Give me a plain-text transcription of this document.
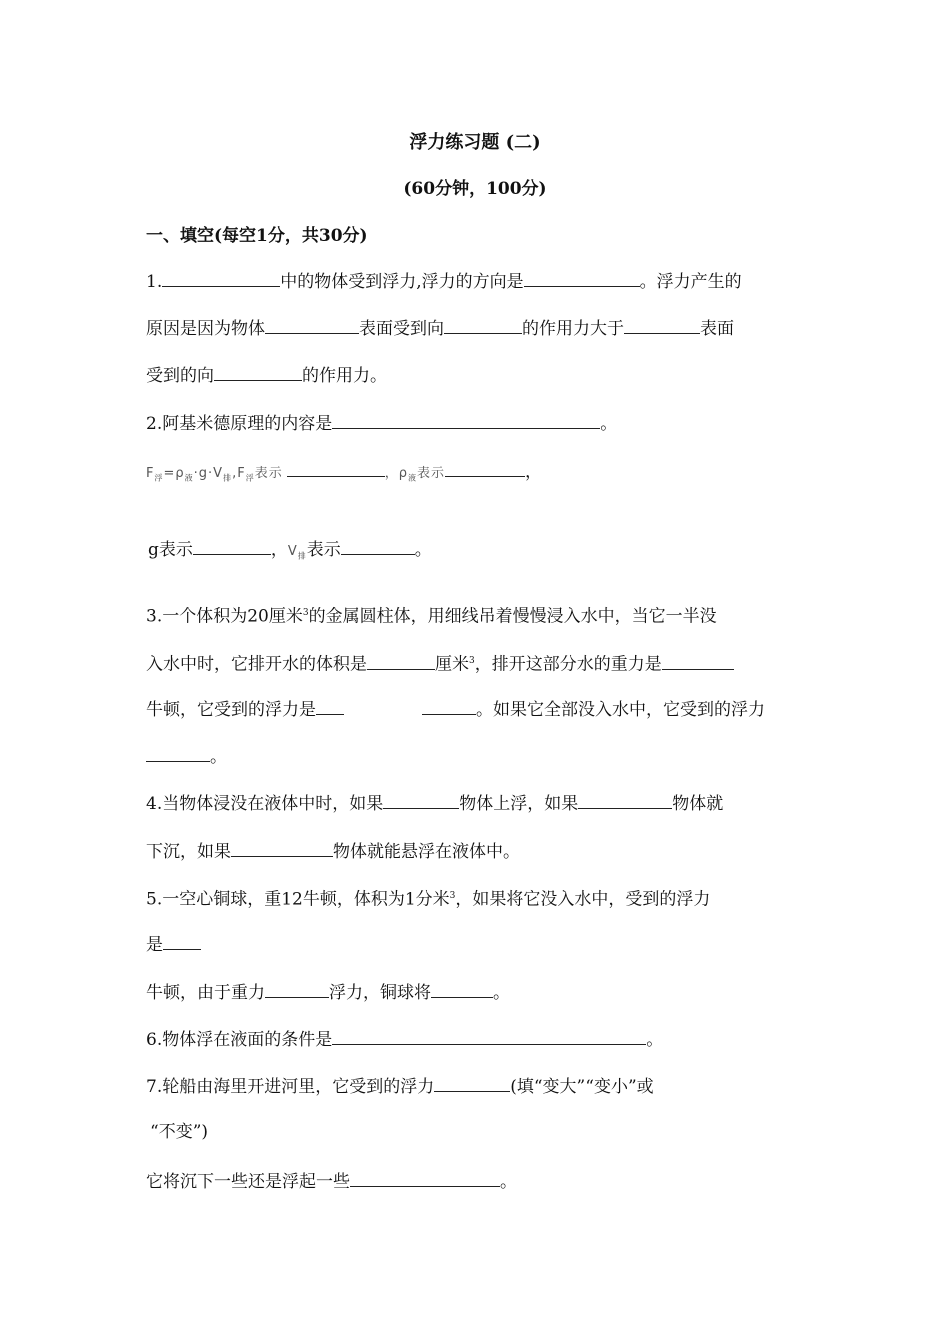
浮力练习题 (二)
(60分钟，100分)
一、填空(每空1分，共30分)
1.	中的物体受到浮力,浮力的方向是	。浮力产生的
原因是因为物体	表面受到向	的作用力大于	表面
受到的向	的作用力。
2.阿基米德原理的内容是	。
$F_浮=\rho_液\cdot g\cdot V_排,F_浮$表示	，$\rho_液$表示	，
g表示	，$V_排$表示	。
3.一个体积为20厘米$^3$的金属圆柱体，用细线吊着慢慢浸入水中，当它一半没
入水中时，它排开水的体积是	厘米$^3$，排开这部分水的重力是
牛顿，它受到的浮力是	。如果它全部没入水中，它受到的浮力
。
4.当物体浸没在液体中时，如果	物体上浮，如果	物体就
下沉，如果	物体就能悬浮在液体中。
5.一空心铜球，重12牛顿，体积为1分米$^3$，如果将它没入水中，受到的浮力
是
牛顿，由于重力	浮力，铜球将	。
6.物体浮在液面的条件是	。
7.轮船由海里开进河里，它受到的浮力	(填“变大”“变小”或
“不变”)
它将沉下一些还是浮起一些	。
